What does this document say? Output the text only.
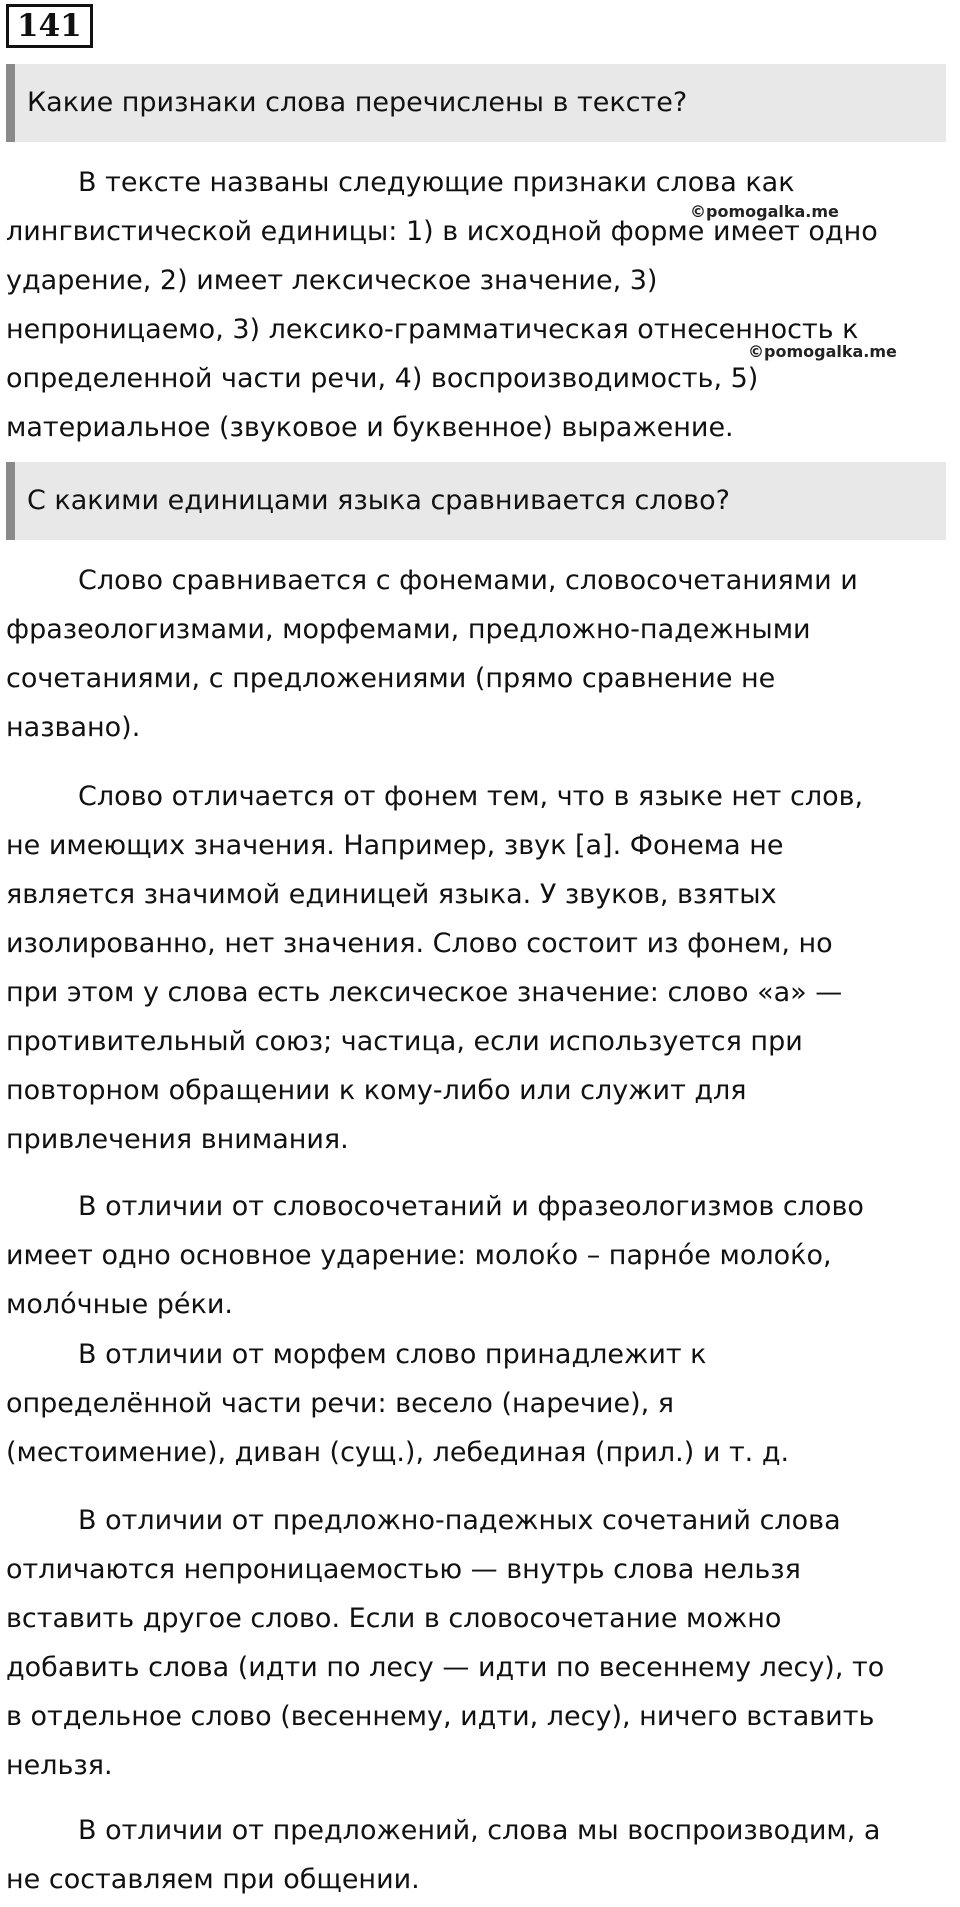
141
Какие признаки слова перечислены в тексте?

В тексте названы следующие признаки слова как
лингвистической единицы: 1) в исходной форме имеет одно
ударение, 2) имеет лексическое значение, 3)
непроницаемо, 3) лексико-грамматическая отнесенность к
определенной части речи, 4) воспроизводимость, 5)
материальное (звуковое и буквенное) выражение.

©pomogalka.me
©pomogalka.me
С какими единицами языка сравнивается слово?

Слово сравнивается с фонемами, словосочетаниями и
фразеологизмами, морфемами, предложно-падежными
сочетаниями, с предложениями (прямо сравнение не
названо).

Слово отличается от фонем тем, что в языке нет слов,
не имеющих значения. Например, звук [а]. Фонема не
является значимой единицей языка. У звуков, взятых
изолированно, нет значения. Слово состоит из фонем, но
при этом у слова есть лексическое значение: слово «а» —
противительный союз; частица, если используется при
повторном обращении к кому-либо или служит для
привлечения внимания.

В отличии от словосочетаний и фразеологизмов слово
имеет одно основное ударение: молоќо – парно́е молоќо,
моло́чные ре́ки.

В отличии от морфем слово принадлежит к
определённой части речи: весело (наречие), я
(местоимение), диван (сущ.), лебединая (прил.) и т. д.

В отличии от предложно-падежных сочетаний слова
отличаются непроницаемостью — внутрь слова нельзя
вставить другое слово. Если в словосочетание можно
добавить слова (идти по лесу — идти по весеннему лесу), то
в отдельное слово (весеннему, идти, лесу), ничего вставить
нельзя.

В отличии от предложений, слова мы воспроизводим, а
не составляем при общении.
